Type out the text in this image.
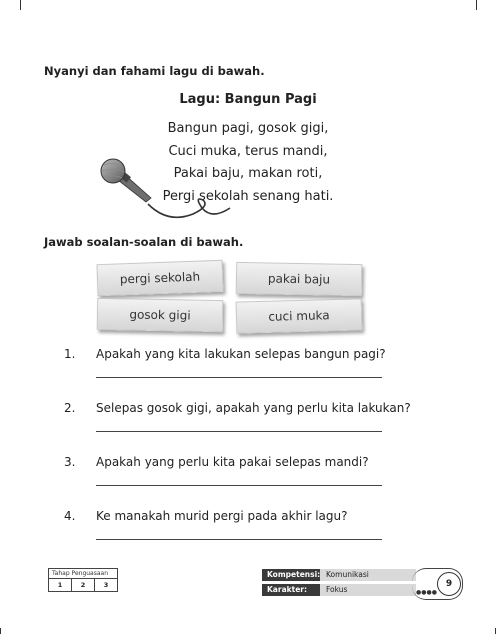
Nyanyi dan fahami lagu di bawah.
Lagu: Bangun Pagi
Bangun pagi, gosok gigi,
Cuci muka, terus mandi,
Pakai baju, makan roti,
Pergi sekolah senang hati.
Jawab soalan-soalan di bawah.
pergi sekolah	pakai baju
gosok gigi	cuci muka
1. Apakah yang kita lakukan selepas bangun pagi?
2. Selepas gosok gigi, apakah yang perlu kita lakukan?
3. Apakah yang perlu kita pakai selepas mandi?
4. Ke manakah murid pergi pada akhir lagu?
Tahap Penguasaan
1	2	3
Kompetensi: Komunikasi
Karakter:	Fokus	●●●●
9
